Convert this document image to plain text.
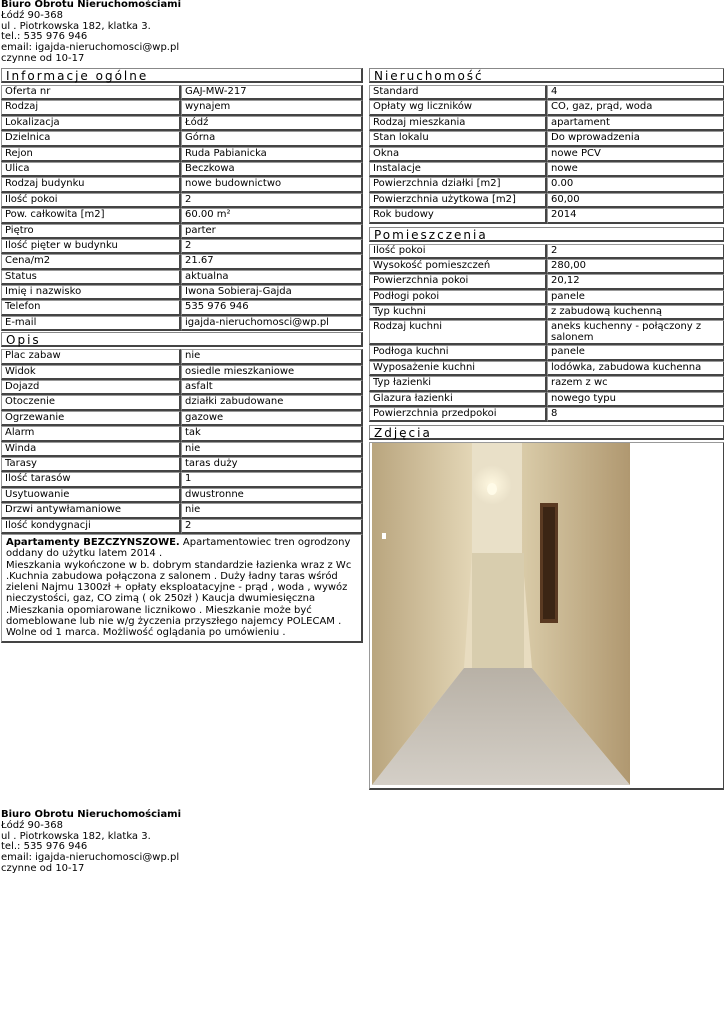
Biuro Obrotu Nieruchomościami
Łódź 90-368
ul . Piotrkowska 182, klatka 3.
tel.: 535 976 946
email: igajda-nieruchomosci@wp.pl
czynne od 10-17
Informacje ogólne
Oferta nr	GAJ-MW-217
Rodzaj	wynajem
Lokalizacja	Łódź
Dzielnica	Górna
Rejon	Ruda Pabianicka
Ulica	Beczkowa
Rodzaj budynku	nowe budownictwo
Ilość pokoi	2
Pow. całkowita [m2]	60.00 m²
Piętro	parter
Ilość pięter w budynku	2
Cena/m2	21.67
Status	aktualna
Imię i nazwisko	Iwona Sobieraj-Gajda
Telefon	535 976 946
E-mail	igajda-nieruchomosci@wp.pl
Opis
Plac zabaw	nie
Widok	osiedle mieszkaniowe
Dojazd	asfalt
Otoczenie	działki zabudowane
Ogrzewanie	gazowe
Alarm	tak
Winda	nie
Tarasy	taras duży
Ilość tarasów	1
Usytuowanie	dwustronne
Drzwi antywłamaniowe	nie
Ilość kondygnacji	2
Apartamenty BEZCZYNSZOWE. Apartamentowiec tren ogrodzony oddany do użytku latem 2014 .
Mieszkania wykończone w b. dobrym standardzie łazienka wraz z Wc .Kuchnia zabudowa połączona z salonem . Duży ładny taras wśród zieleni Najmu 1300zł + opłaty eksploatacyjne - prąd , woda , wywóz nieczystości, gaz, CO zimą ( ok 250zł ) Kaucja dwumiesięczna .Mieszkania opomiarowane licznikowo . Mieszkanie może być domeblowane lub nie w/g życzenia przyszłego najemcy POLECAM . Wolne od 1 marca. Możliwość oglądania po umówieniu .
Nieruchomość
Standard	4
Opłaty wg liczników	CO, gaz, prąd, woda
Rodzaj mieszkania	apartament
Stan lokalu	Do wprowadzenia
Okna	nowe PCV
Instalacje	nowe
Powierzchnia działki [m2]	0.00
Powierzchnia użytkowa [m2]	60,00
Rok budowy	2014
Pomieszczenia
Ilość pokoi	2
Wysokość pomieszczeń	280,00
Powierzchnia pokoi	20,12
Podłogi pokoi	panele
Typ kuchni	z zabudową kuchenną
Rodzaj kuchni	aneks kuchenny - połączony z salonem
Podłoga kuchni	panele
Wyposażenie kuchni	lodówka, zabudowa kuchenna
Typ łazienki	razem z wc
Glazura łazienki	nowego typu
Powierzchnia przedpokoi	8
Zdjęcia
Biuro Obrotu Nieruchomościami
Łódź 90-368
ul . Piotrkowska 182, klatka 3.
tel.: 535 976 946
email: igajda-nieruchomosci@wp.pl
czynne od 10-17
